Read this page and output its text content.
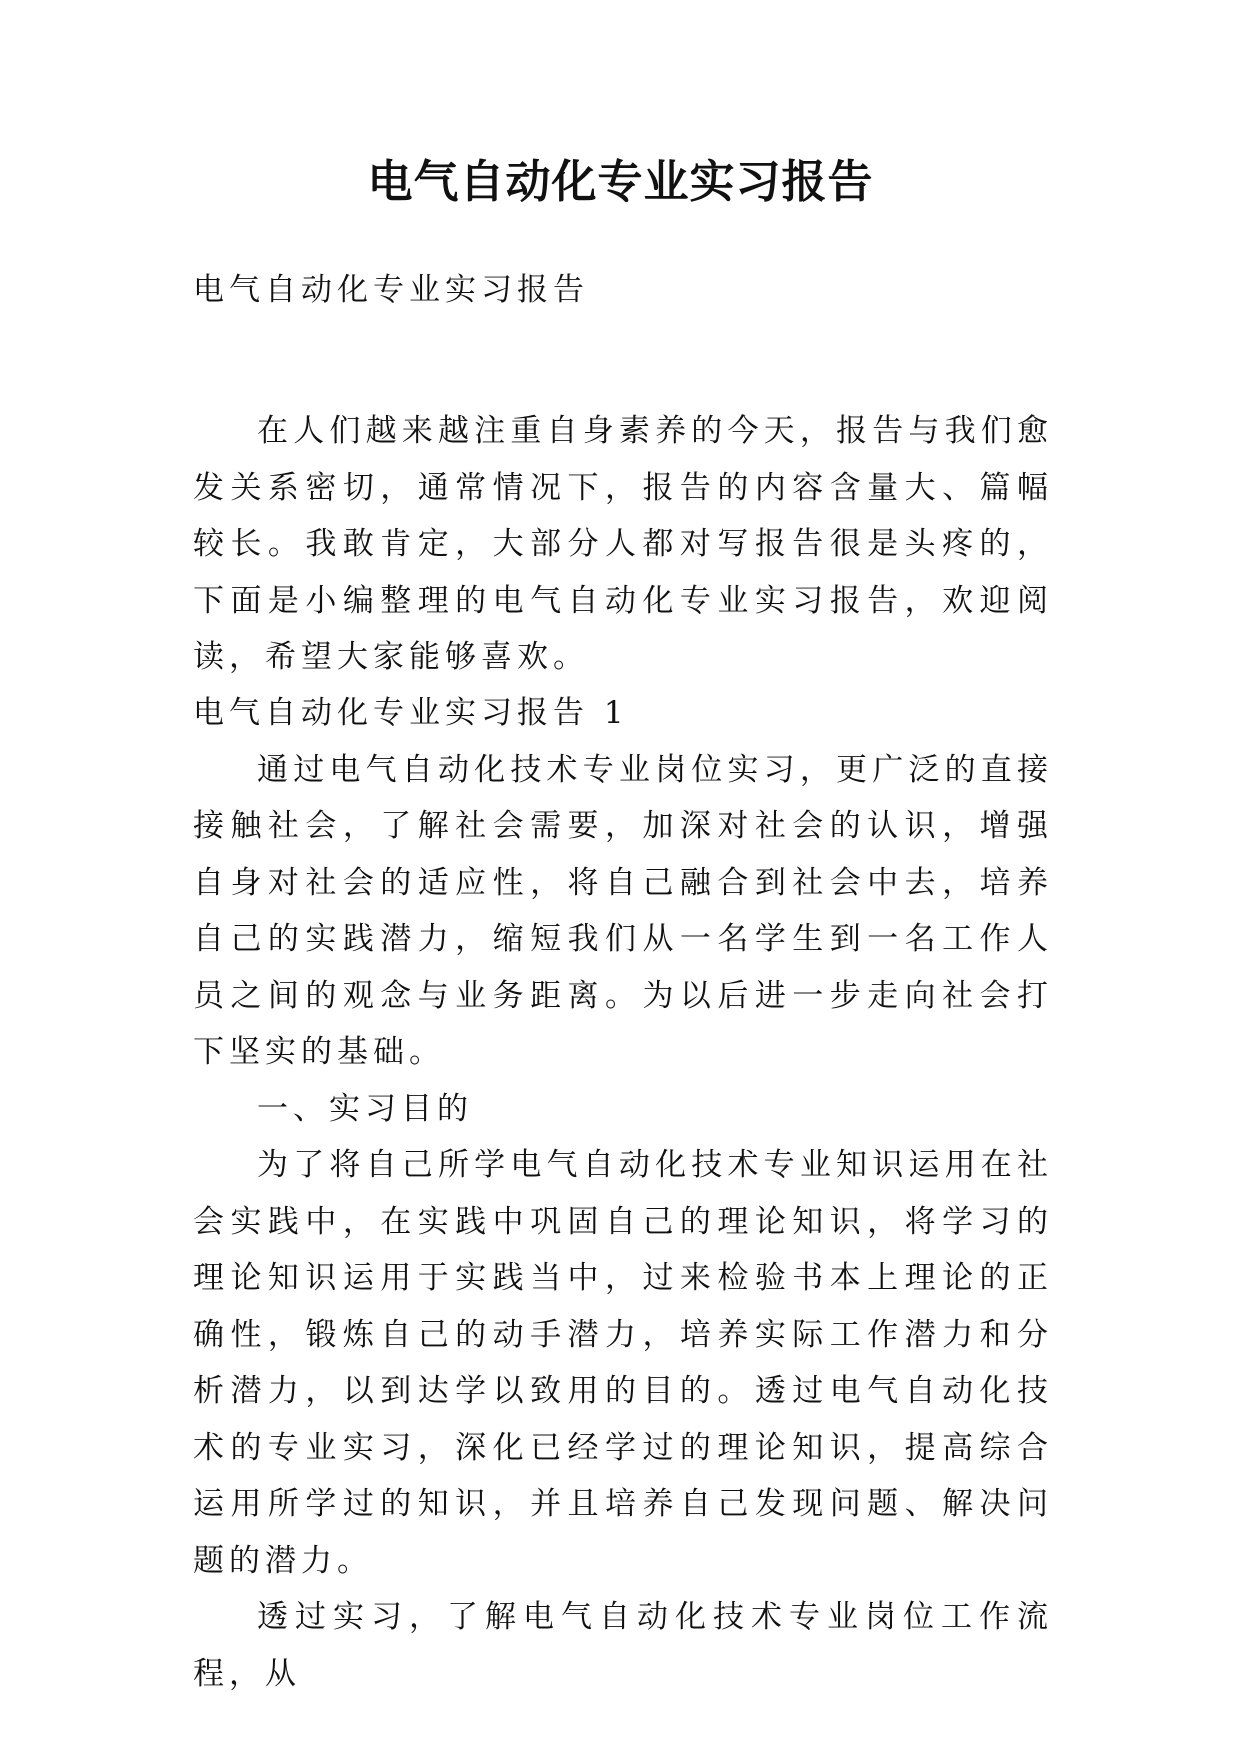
电气自动化专业实习报告

电气自动化专业实习报告

在人们越来越注重自身素养的今天，报告与我们愈发关系密切，通常情况下，报告的内容含量大、篇幅较长。我敢肯定，大部分人都对写报告很是头疼的，下面是小编整理的电气自动化专业实习报告，欢迎阅读，希望大家能够喜欢。

电气自动化专业实习报告 1

通过电气自动化技术专业岗位实习，更广泛的直接接触社会，了解社会需要，加深对社会的认识，增强自身对社会的适应性，将自己融合到社会中去，培养自己的实践潜力，缩短我们从一名学生到一名工作人员之间的观念与业务距离。为以后进一步走向社会打下坚实的基础。

一、实习目的

为了将自己所学电气自动化技术专业知识运用在社会实践中，在实践中巩固自己的理论知识，将学习的理论知识运用于实践当中，过来检验书本上理论的正确性，锻炼自己的动手潜力，培养实际工作潜力和分析潜力，以到达学以致用的目的。透过电气自动化技术的专业实习，深化已经学过的理论知识，提高综合运用所学过的知识，并且培养自己发现问题、解决问题的潜力。

透过实习，了解电气自动化技术专业岗位工作流程，从
